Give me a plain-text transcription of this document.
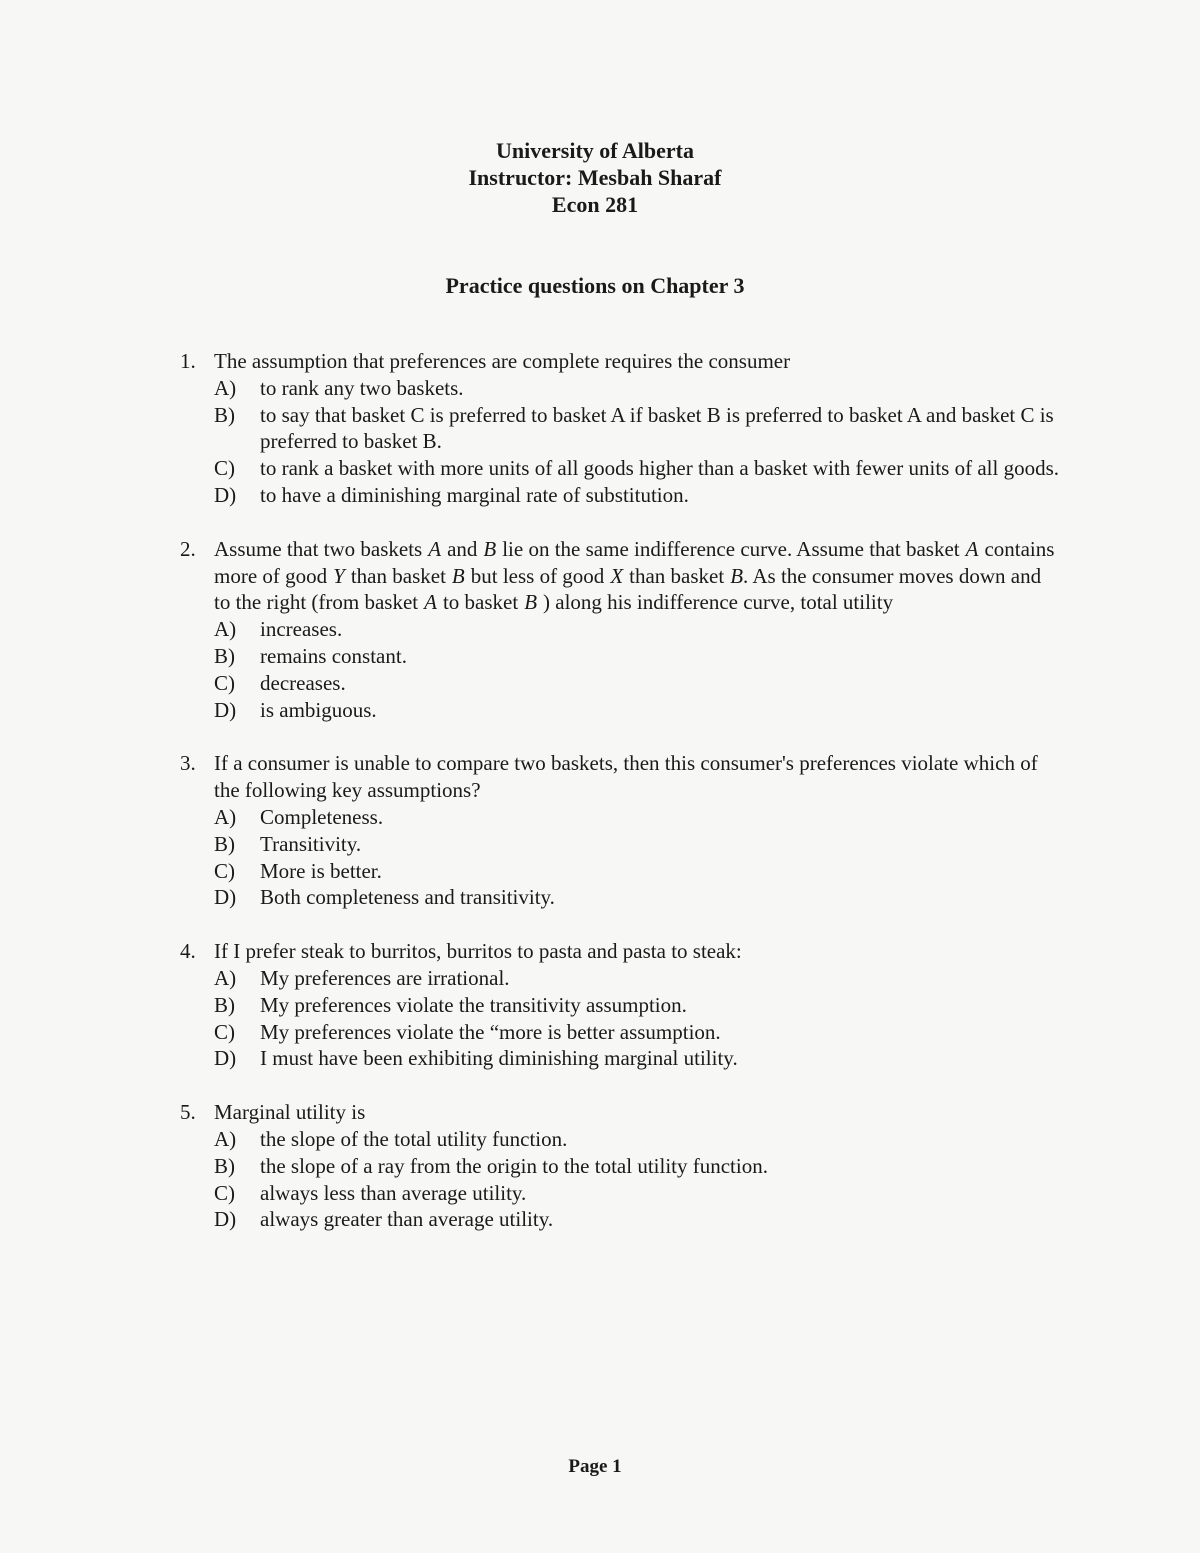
University of Alberta
Instructor: Mesbah Sharaf
Econ 281
Practice questions on Chapter 3
1. The assumption that preferences are complete requires the consumer
A)	to rank any two baskets.
B)	to say that basket C is preferred to basket A if basket B is preferred to basket A and basket C is preferred to basket B.
C)	to rank a basket with more units of all goods higher than a basket with fewer units of all goods.
D)	to have a diminishing marginal rate of substitution.
2. Assume that two baskets A and B lie on the same indifference curve. Assume that basket A contains more of good Y than basket B but less of good X than basket B. As the consumer moves down and to the right (from basket A to basket B ) along his indifference curve, total utility
A)	increases.
B)	remains constant.
C)	decreases.
D)	is ambiguous.
3. If a consumer is unable to compare two baskets, then this consumer's preferences violate which of the following key assumptions?
A)	Completeness.
B)	Transitivity.
C)	More is better.
D)	Both completeness and transitivity.
4. If I prefer steak to burritos, burritos to pasta and pasta to steak:
A)	My preferences are irrational.
B)	My preferences violate the transitivity assumption.
C)	My preferences violate the “more is better assumption.
D)	I must have been exhibiting diminishing marginal utility.
5. Marginal utility is
A)	the slope of the total utility function.
B)	the slope of a ray from the origin to the total utility function.
C)	always less than average utility.
D)	always greater than average utility.
Page 1
